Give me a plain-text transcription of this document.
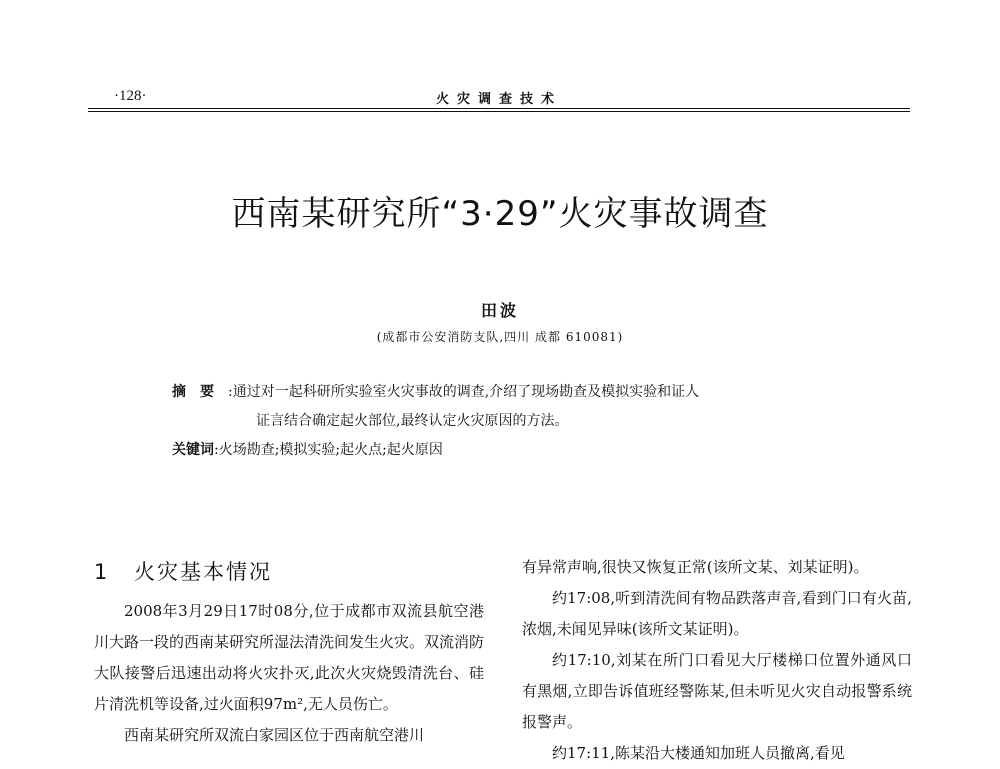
·128·	火灾调查技术
西南某研究所“3·29”火灾事故调查
田波
(成都市公安消防支队,四川 成都 610081)
摘要:通过对一起科研所实验室火灾事故的调查,介绍了现场勘查及模拟实验和证人
证言结合确定起火部位,最终认定火灾原因的方法。
关键词:火场勘查;模拟实验;起火点;起火原因
1 火灾基本情况

2008年3月29日17时08分,位于成都市双流县航空港川大路一段的西南某研究所湿法清洗间发生火灾。双流消防大队接警后迅速出动将火灾扑灭,此次火灾烧毁清洗台、硅片清洗机等设备,过火面积97m²,无人员伤亡。

西南某研究所双流白家园区位于西南航空港川

有异常声响,很快又恢复正常(该所文某、刘某证明)。

约17:08,听到清洗间有物品跌落声音,看到门口有火苗,浓烟,未闻见异味(该所文某证明)。

约17:10,刘某在所门口看见大厅楼梯口位置外通风口有黑烟,立即告诉值班经警陈某,但未听见火灾自动报警系统报警声。

约17:11,陈某沿大楼通知加班人员撤离,看见
